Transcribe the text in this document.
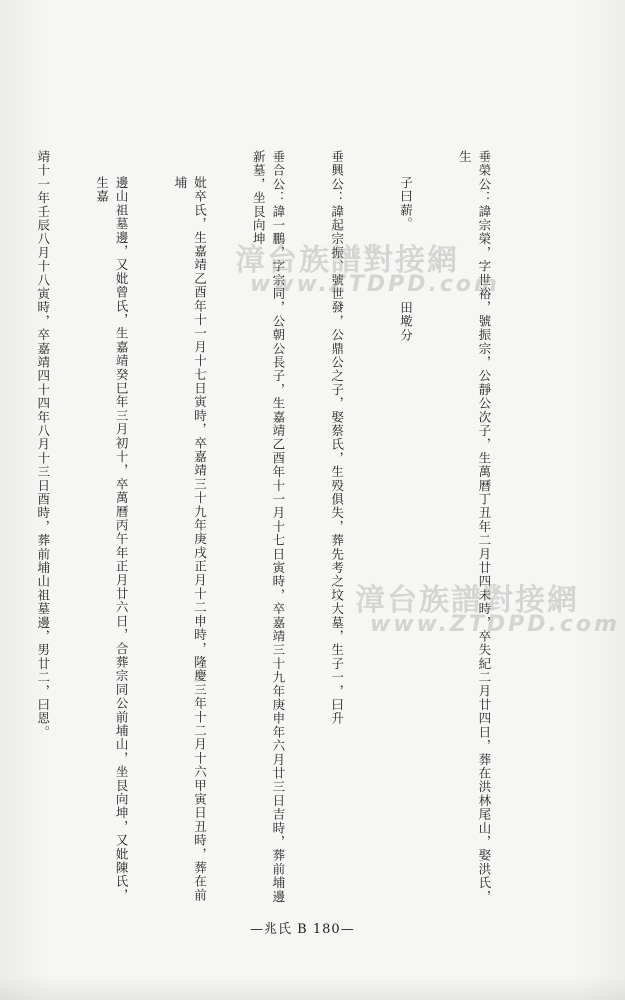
垂榮公：諱宗榮，字世裕，號振宗，公靜公次子，生萬曆丁丑年二月廿四未時，卒失紀二月廿四日，葬在洪林尾山，娶洪氏，生

子曰薪。田墘分

垂興公：諱起宗振、號世發，公鼎公之子，娶蔡氏，生殁俱失，葬先考之坟大墓，生子一，曰升

垂合公：諱一鵬，字宗同，公朝公長子，生嘉靖乙酉年十一月十七日寅時，卒嘉靖三十九年庚申年六月廿三日吉時，葬前埔邊新墓，坐艮向坤

妣卒氏，生嘉靖乙酉年十一月十七日寅時，卒嘉靖三十九年庚戌正月十二申時，隆慶三年十二月十六甲寅日丑時，葬在前埔

邊山祖墓邊，又妣曾氏，生嘉靖癸巳年三月初十，卒萬曆丙午年正月廿六日，合葬宗同公前埔山，坐艮向坤，又妣陳氏，生嘉

靖十一年壬辰八月十八寅時，卒嘉靖四十四年八月十三日酉時，葬前埔山祖墓邊，男廿二，曰恩。

	漳台族譜對接網
www.ZTDPD.com
漳台族譜對接網
www.ZTDPD.com
—兆氏 B 180—
